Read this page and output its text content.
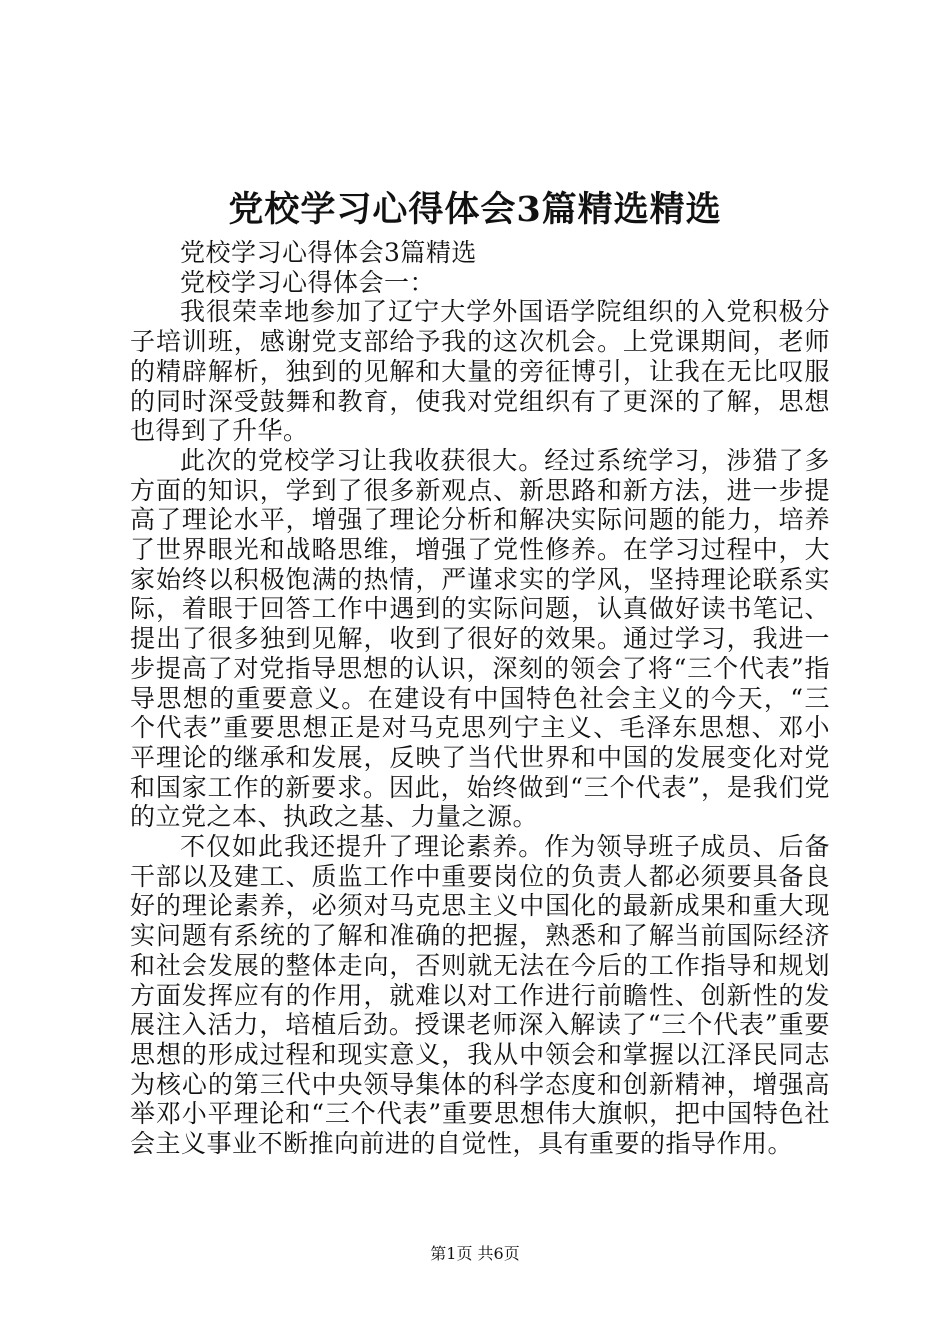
党校学习心得体会3篇精选精选

党校学习心得体会3篇精选

党校学习心得体会一：

我很荣幸地参加了辽宁大学外国语学院组织的入党积极分子培训班，感谢党支部给予我的这次机会。上党课期间，老师的精辟解析，独到的见解和大量的旁征博引，让我在无比叹服的同时深受鼓舞和教育，使我对党组织有了更深的了解，思想也得到了升华。

此次的党校学习让我收获很大。经过系统学习，涉猎了多方面的知识，学到了很多新观点、新思路和新方法，进一步提高了理论水平，增强了理论分析和解决实际问题的能力，培养了世界眼光和战略思维，增强了党性修养。在学习过程中，大家始终以积极饱满的热情，严谨求实的学风，坚持理论联系实际，着眼于回答工作中遇到的实际问题，认真做好读书笔记、提出了很多独到见解，收到了很好的效果。通过学习，我进一步提高了对党指导思想的认识，深刻的领会了将“三个代表”指导思想的重要意义。在建设有中国特色社会主义的今天，“三个代表”重要思想正是对马克思列宁主义、毛泽东思想、邓小平理论的继承和发展，反映了当代世界和中国的发展变化对党和国家工作的新要求。因此，始终做到“三个代表”，是我们党的立党之本、执政之基、力量之源。

不仅如此我还提升了理论素养。作为领导班子成员、后备干部以及建工、质监工作中重要岗位的负责人都必须要具备良好的理论素养，必须对马克思主义中国化的最新成果和重大现实问题有系统的了解和准确的把握，熟悉和了解当前国际经济和社会发展的整体走向，否则就无法在今后的工作指导和规划方面发挥应有的作用，就难以对工作进行前瞻性、创新性的发展注入活力，培植后劲。授课老师深入解读了“三个代表”重要思想的形成过程和现实意义，我从中领会和掌握以江泽民同志为核心的第三代中央领导集体的科学态度和创新精神，增强高举邓小平理论和“三个代表”重要思想伟大旗帜，把中国特色社会主义事业不断推向前进的自觉性，具有重要的指导作用。

第1页 共6页
